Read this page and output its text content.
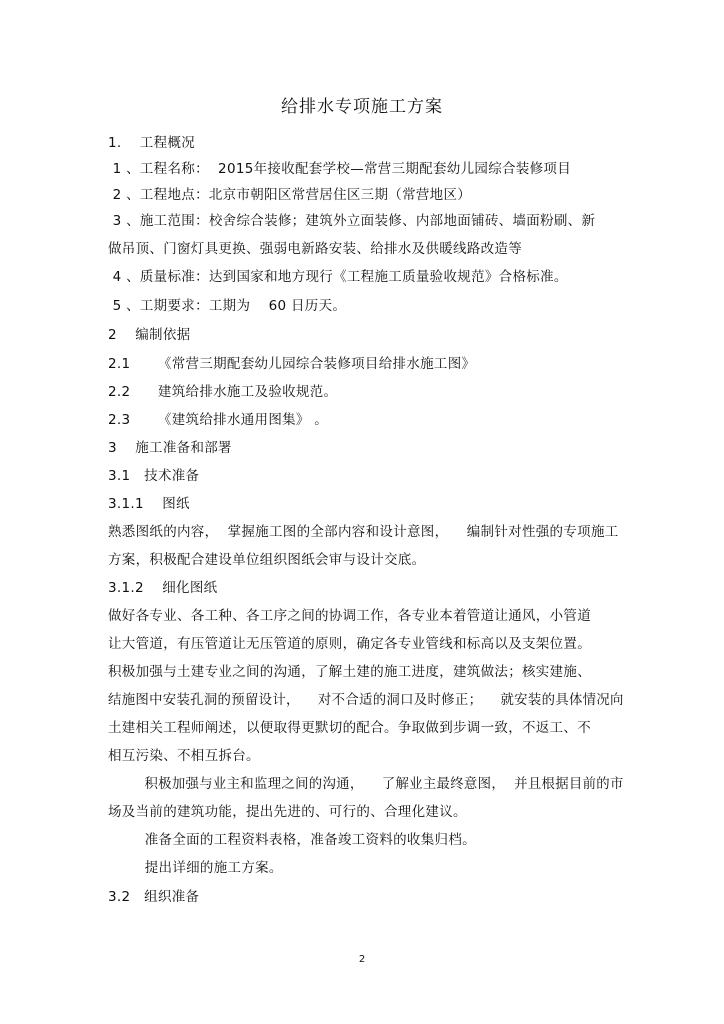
给排水专项施工方案
1.    工程概况
1 、工程名称：  2015年接收配套学校—常营三期配套幼儿园综合装修项目
2 、工程地点：北京市朝阳区常营居住区三期（常营地区）
3 、施工范围：校舍综合装修；建筑外立面装修、内部地面铺砖、墙面粉刷、新
做吊顶、门窗灯具更换、强弱电新路安装、给排水及供暖线路改造等
4 、质量标准：达到国家和地方现行《工程施工质量验收规范》合格标准。
5 、工期要求：工期为    60 日历天。
2    编制依据
2.1      《常营三期配套幼儿园综合装修项目给排水施工图》
2.2      建筑给排水施工及验收规范。
2.3      《建筑给排水通用图集》 。
3    施工准备和部署
3.1   技术准备
3.1.1    图纸
熟悉图纸的内容，  掌握施工图的全部内容和设计意图，    编制针对性强的专项施工
方案，积极配合建设单位组织图纸会审与设计交底。
3.1.2    细化图纸
做好各专业、各工种、各工序之间的协调工作，各专业本着管道让通风，小管道
让大管道，有压管道让无压管道的原则，确定各专业管线和标高以及支架位置。
积极加强与土建专业之间的沟通，了解土建的施工进度，建筑做法；核实建施、
结施图中安装孔洞的预留设计，    对不合适的洞口及时修正；    就安装的具体情况向
土建相关工程师阐述，以便取得更默切的配合。争取做到步调一致，不返工、不
相互污染、不相互拆台。
积极加强与业主和监理之间的沟通，    了解业主最终意图，  并且根据目前的市
场及当前的建筑功能，提出先进的、可行的、合理化建议。
准备全面的工程资料表格，准备竣工资料的收集归档。
提出详细的施工方案。
3.2   组织准备
2
